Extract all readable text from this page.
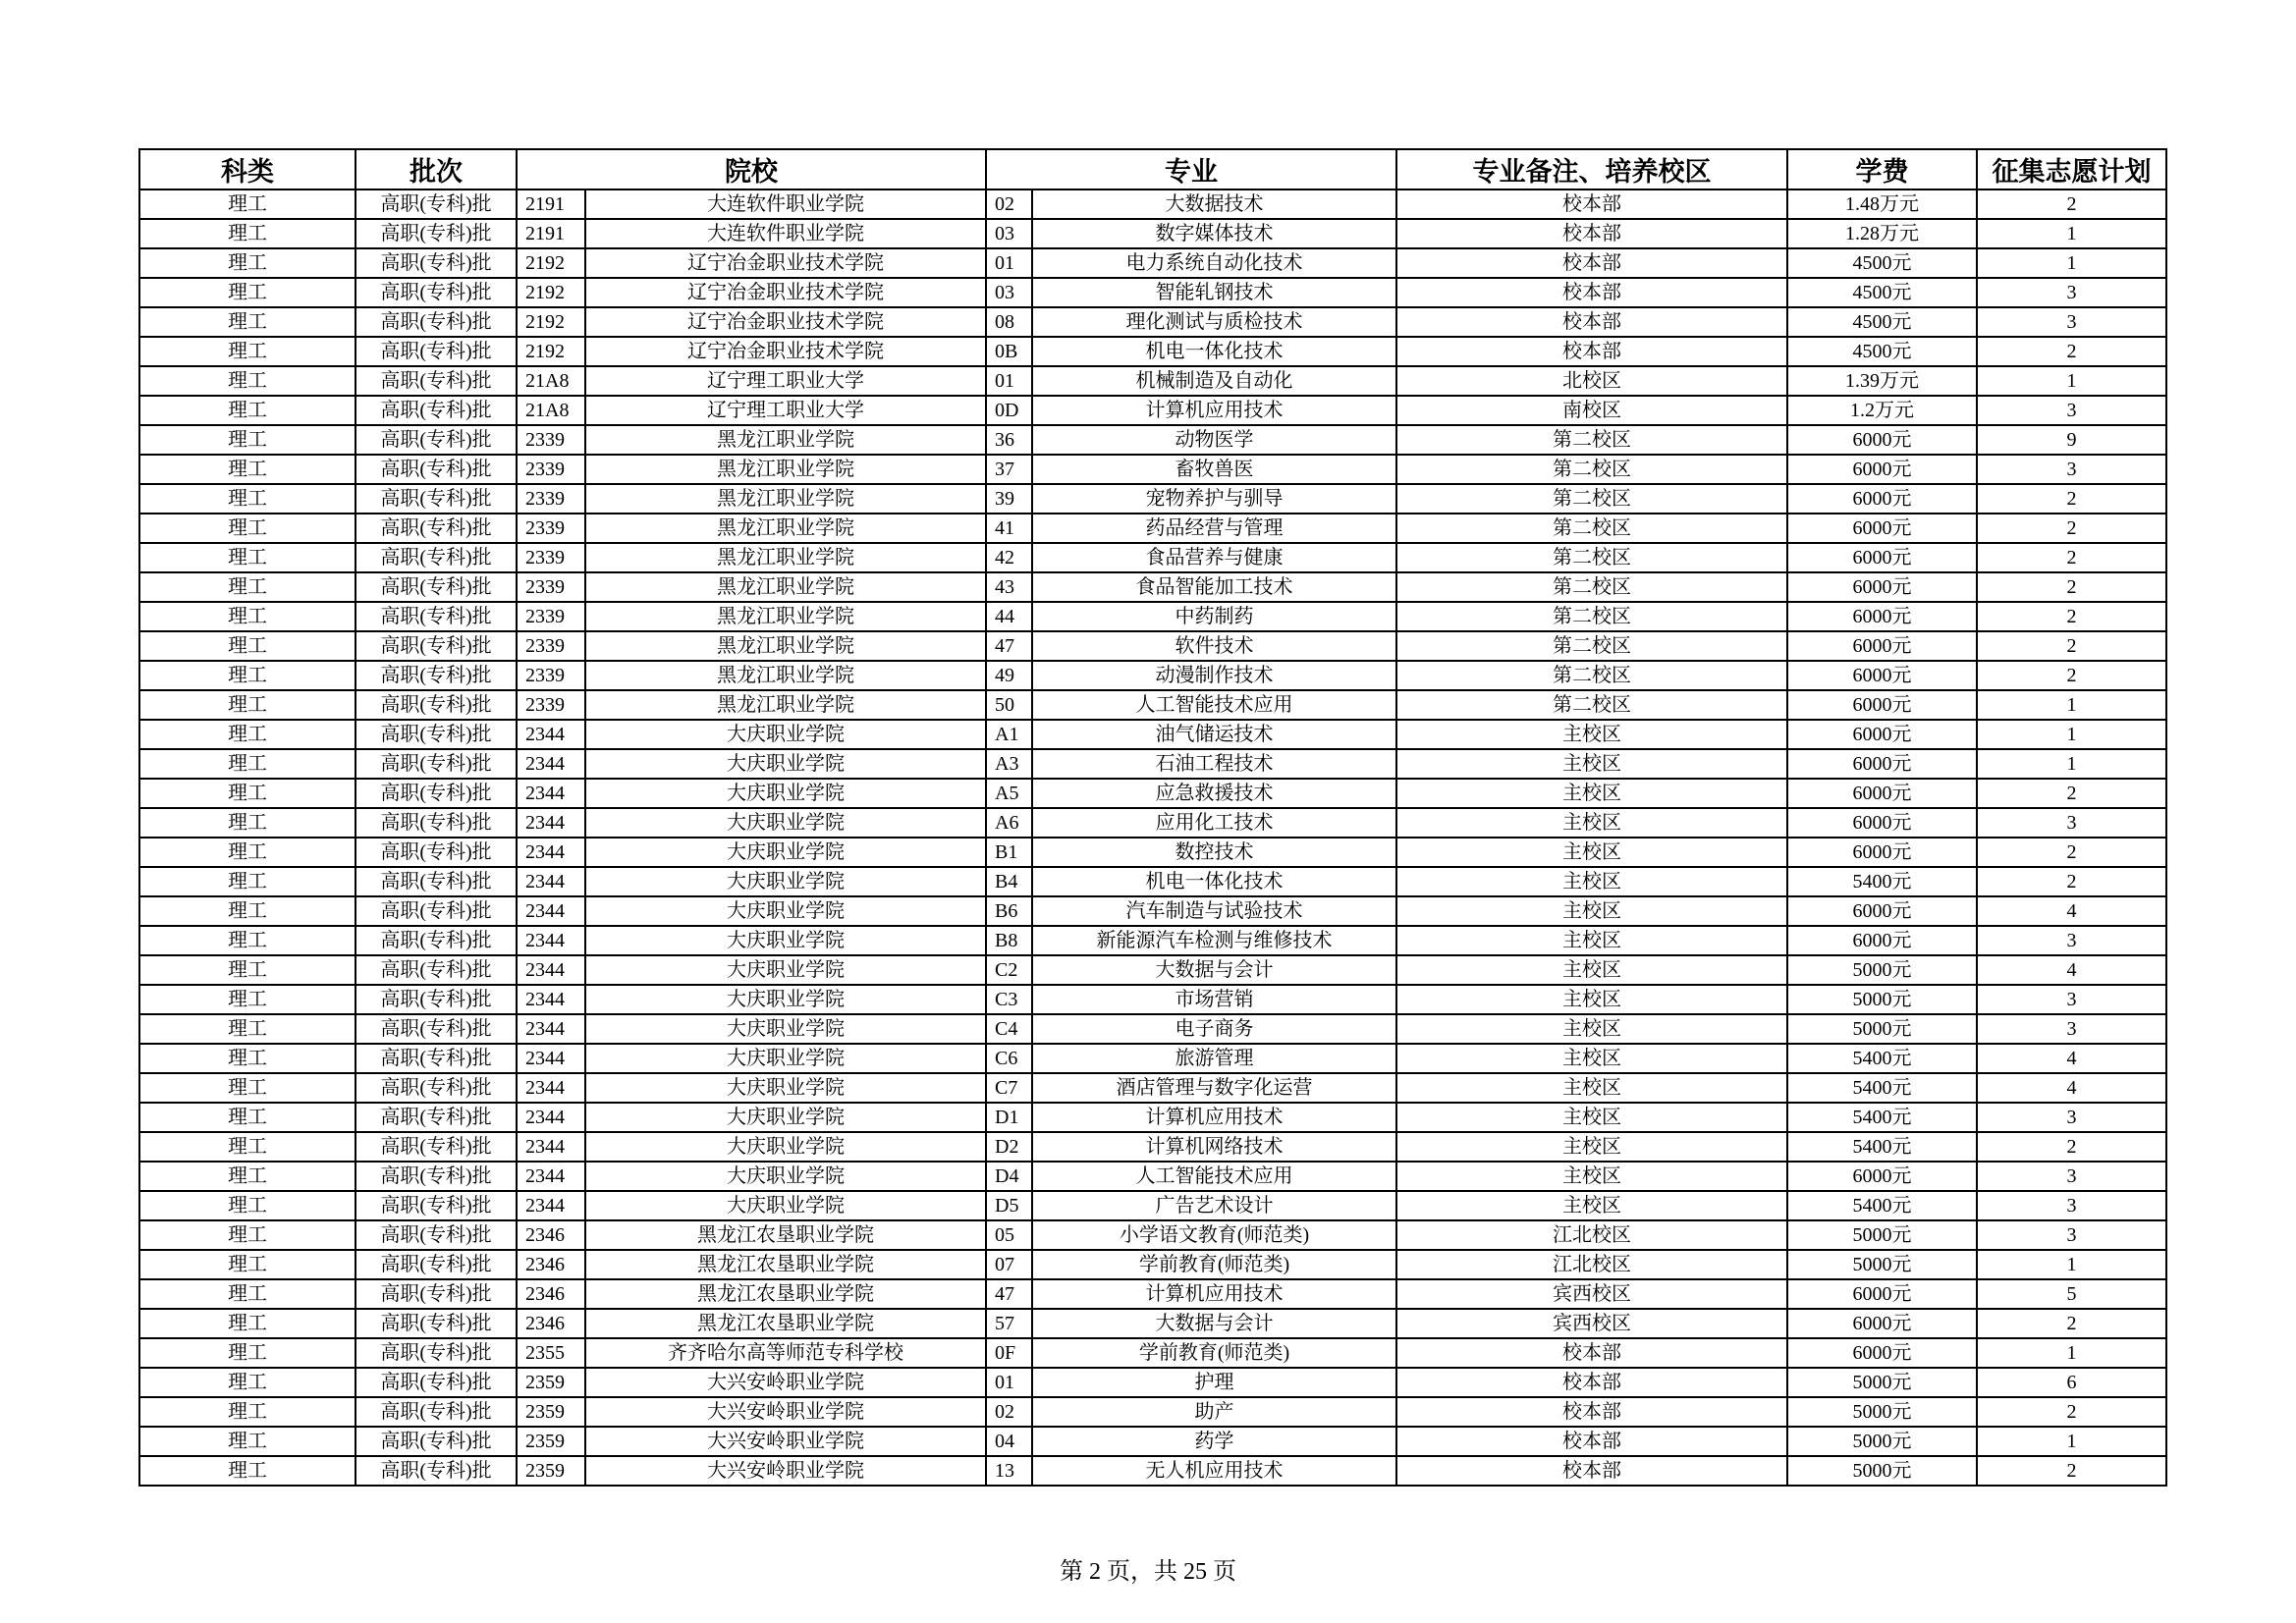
科类	批次	院校		专业		专业备注、培养校区	学费	征集志愿计划
理工	高职(专科)批	2191	大连软件职业学院	02	大数据技术	校本部	1.48万元	2
理工	高职(专科)批	2191	大连软件职业学院	03	数字媒体技术	校本部	1.28万元	1
理工	高职(专科)批	2192	辽宁冶金职业技术学院	01	电力系统自动化技术	校本部	4500元	1
理工	高职(专科)批	2192	辽宁冶金职业技术学院	03	智能轧钢技术	校本部	4500元	3
理工	高职(专科)批	2192	辽宁冶金职业技术学院	08	理化测试与质检技术	校本部	4500元	3
理工	高职(专科)批	2192	辽宁冶金职业技术学院	0B	机电一体化技术	校本部	4500元	2
理工	高职(专科)批	21A8	辽宁理工职业大学	01	机械制造及自动化	北校区	1.39万元	1
理工	高职(专科)批	21A8	辽宁理工职业大学	0D	计算机应用技术	南校区	1.2万元	3
理工	高职(专科)批	2339	黑龙江职业学院	36	动物医学	第二校区	6000元	9
理工	高职(专科)批	2339	黑龙江职业学院	37	畜牧兽医	第二校区	6000元	3
理工	高职(专科)批	2339	黑龙江职业学院	39	宠物养护与驯导	第二校区	6000元	2
理工	高职(专科)批	2339	黑龙江职业学院	41	药品经营与管理	第二校区	6000元	2
理工	高职(专科)批	2339	黑龙江职业学院	42	食品营养与健康	第二校区	6000元	2
理工	高职(专科)批	2339	黑龙江职业学院	43	食品智能加工技术	第二校区	6000元	2
理工	高职(专科)批	2339	黑龙江职业学院	44	中药制药	第二校区	6000元	2
理工	高职(专科)批	2339	黑龙江职业学院	47	软件技术	第二校区	6000元	2
理工	高职(专科)批	2339	黑龙江职业学院	49	动漫制作技术	第二校区	6000元	2
理工	高职(专科)批	2339	黑龙江职业学院	50	人工智能技术应用	第二校区	6000元	1
理工	高职(专科)批	2344	大庆职业学院	A1	油气储运技术	主校区	6000元	1
理工	高职(专科)批	2344	大庆职业学院	A3	石油工程技术	主校区	6000元	1
理工	高职(专科)批	2344	大庆职业学院	A5	应急救援技术	主校区	6000元	2
理工	高职(专科)批	2344	大庆职业学院	A6	应用化工技术	主校区	6000元	3
理工	高职(专科)批	2344	大庆职业学院	B1	数控技术	主校区	6000元	2
理工	高职(专科)批	2344	大庆职业学院	B4	机电一体化技术	主校区	5400元	2
理工	高职(专科)批	2344	大庆职业学院	B6	汽车制造与试验技术	主校区	6000元	4
理工	高职(专科)批	2344	大庆职业学院	B8	新能源汽车检测与维修技术	主校区	6000元	3
理工	高职(专科)批	2344	大庆职业学院	C2	大数据与会计	主校区	5000元	4
理工	高职(专科)批	2344	大庆职业学院	C3	市场营销	主校区	5000元	3
理工	高职(专科)批	2344	大庆职业学院	C4	电子商务	主校区	5000元	3
理工	高职(专科)批	2344	大庆职业学院	C6	旅游管理	主校区	5400元	4
理工	高职(专科)批	2344	大庆职业学院	C7	酒店管理与数字化运营	主校区	5400元	4
理工	高职(专科)批	2344	大庆职业学院	D1	计算机应用技术	主校区	5400元	3
理工	高职(专科)批	2344	大庆职业学院	D2	计算机网络技术	主校区	5400元	2
理工	高职(专科)批	2344	大庆职业学院	D4	人工智能技术应用	主校区	6000元	3
理工	高职(专科)批	2344	大庆职业学院	D5	广告艺术设计	主校区	5400元	3
理工	高职(专科)批	2346	黑龙江农垦职业学院	05	小学语文教育(师范类)	江北校区	5000元	3
理工	高职(专科)批	2346	黑龙江农垦职业学院	07	学前教育(师范类)	江北校区	5000元	1
理工	高职(专科)批	2346	黑龙江农垦职业学院	47	计算机应用技术	宾西校区	6000元	5
理工	高职(专科)批	2346	黑龙江农垦职业学院	57	大数据与会计	宾西校区	6000元	2
理工	高职(专科)批	2355	齐齐哈尔高等师范专科学校	0F	学前教育(师范类)	校本部	6000元	1
理工	高职(专科)批	2359	大兴安岭职业学院	01	护理	校本部	5000元	6
理工	高职(专科)批	2359	大兴安岭职业学院	02	助产	校本部	5000元	2
理工	高职(专科)批	2359	大兴安岭职业学院	04	药学	校本部	5000元	1
理工	高职(专科)批	2359	大兴安岭职业学院	13	无人机应用技术	校本部	5000元	2
第 2 页，共 25 页
